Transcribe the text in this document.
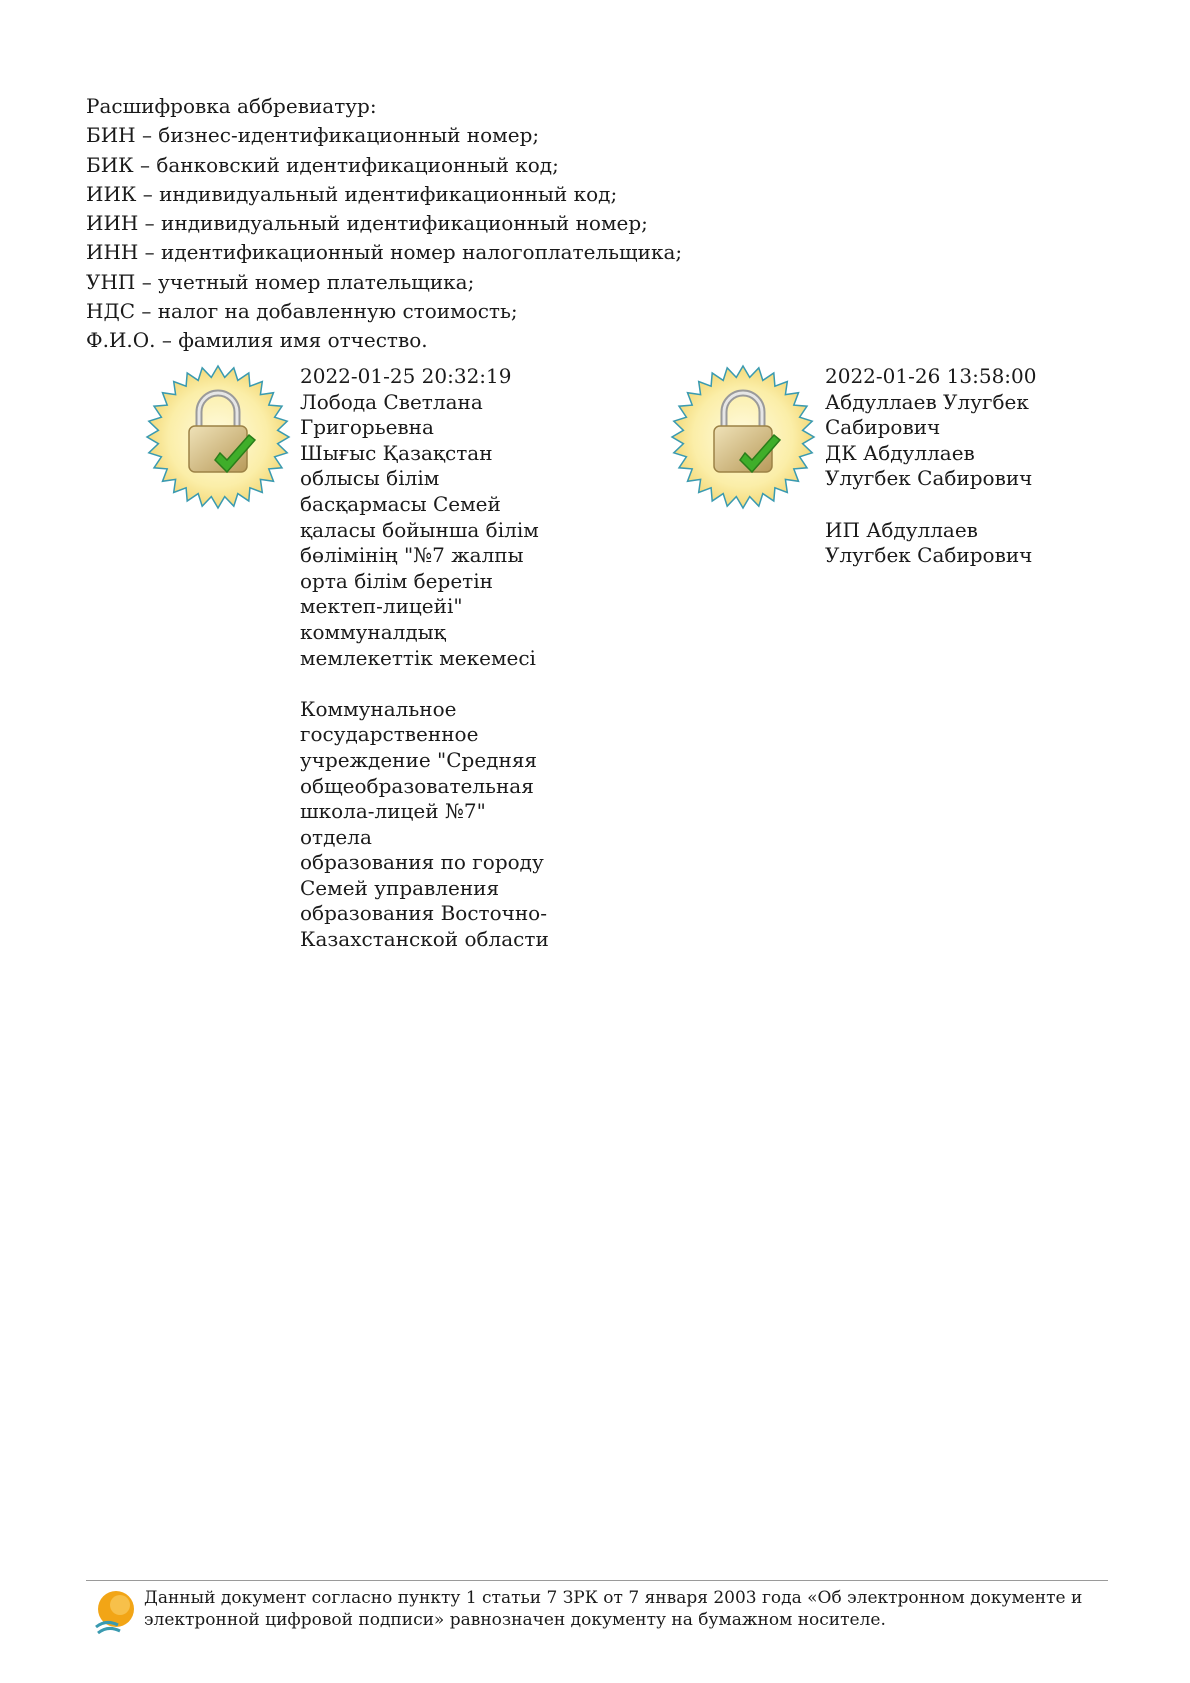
Расшифровка аббревиатур:
БИН – бизнес-идентификационный номер;
БИК – банковский идентификационный код;
ИИК – индивидуальный идентификационный код;
ИИН – индивидуальный идентификационный номер;
ИНН – идентификационный номер налогоплательщика;
УНП – учетный номер плательщика;
НДС – налог на добавленную стоимость;
Ф.И.О. – фамилия имя отчество.
2022-01-25 20:32:19
Лобода Светлана
Григорьевна
Шығыс Қазақстан
облысы білім
басқармасы Семей
қаласы бойынша білім
бөлімінің "№7 жалпы
орта білім беретін
мектеп-лицейі"
коммуналдық
мемлекеттік мекемесі

Коммунальное
государственное
учреждение "Средняя
общеобразовательная
школа-лицей №7" отдела
образования по городу
Семей управления
образования Восточно-
Казахстанской области
2022-01-26 13:58:00
Абдуллаев Улугбек
Сабирович
ДК Абдуллаев
Улугбек Сабирович

ИП Абдуллаев
Улугбек Сабирович
Данный документ согласно пункту 1 статьи 7 ЗРК от 7 января 2003 года «Об электронном документе и электронной цифровой подписи» равнозначен документу на бумажном носителе.
